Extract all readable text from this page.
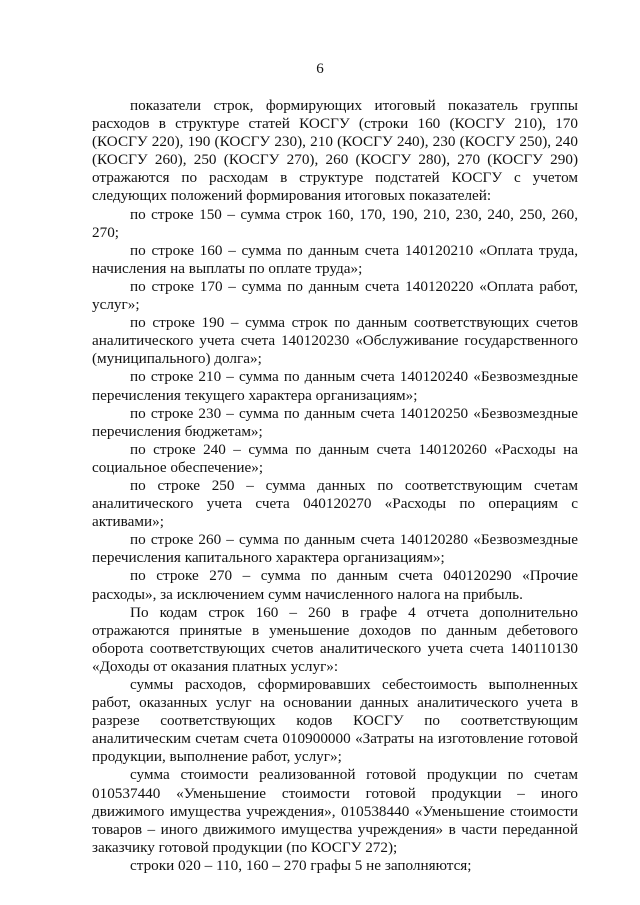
6

показатели строк, формирующих итоговый показатель группы расходов в структуре статей КОСГУ (строки 160 (КОСГУ 210), 170 (КОСГУ 220), 190 (КОСГУ 230), 210 (КОСГУ 240), 230 (КОСГУ 250), 240 (КОСГУ 260), 250 (КОСГУ 270), 260 (КОСГУ 280), 270 (КОСГУ 290) отражаются по расходам в структуре подстатей КОСГУ с учетом следующих положений формирования итоговых показателей:

по строке 150 – сумма строк 160, 170, 190, 210, 230, 240, 250, 260, 270;

по строке 160 – сумма по данным счета 140120210 «Оплата труда, начисления на выплаты по оплате труда»;

по строке 170 – сумма по данным счета 140120220 «Оплата работ, услуг»;

по строке 190 – сумма строк по данным соответствующих счетов аналитического учета счета 140120230 «Обслуживание государственного (муниципального) долга»;

по строке 210 – сумма по данным счета 140120240 «Безвозмездные перечисления текущего характера организациям»;

по строке 230 – сумма по данным счета 140120250 «Безвозмездные перечисления бюджетам»;

по строке 240 – сумма по данным счета 140120260 «Расходы на социальное обеспечение»;

по строке 250 – сумма данных по соответствующим счетам аналитического учета счета 040120270 «Расходы по операциям с активами»;

по строке 260 – сумма по данным счета 140120280 «Безвозмездные перечисления капитального характера организациям»;

по строке 270 – сумма по данным счета 040120290 «Прочие расходы», за исключением сумм начисленного налога на прибыль.

По кодам строк 160 – 260 в графе 4 отчета дополнительно отражаются принятые в уменьшение доходов по данным дебетового оборота соответствующих счетов аналитического учета счета 140110130 «Доходы от оказания платных услуг»:

суммы расходов, сформировавших себестоимость выполненных работ, оказанных услуг на основании данных аналитического учета в разрезе соответствующих кодов КОСГУ по соответствующим аналитическим счетам счета 010900000 «Затраты на изготовление готовой продукции, выполнение работ, услуг»;

сумма стоимости реализованной готовой продукции по счетам 010537440 «Уменьшение стоимости готовой продукции – иного движимого имущества учреждения», 010538440 «Уменьшение стоимости товаров – иного движимого имущества учреждения» в части переданной заказчику готовой продукции (по КОСГУ 272);

строки 020 – 110, 160 – 270 графы 5 не заполняются;
